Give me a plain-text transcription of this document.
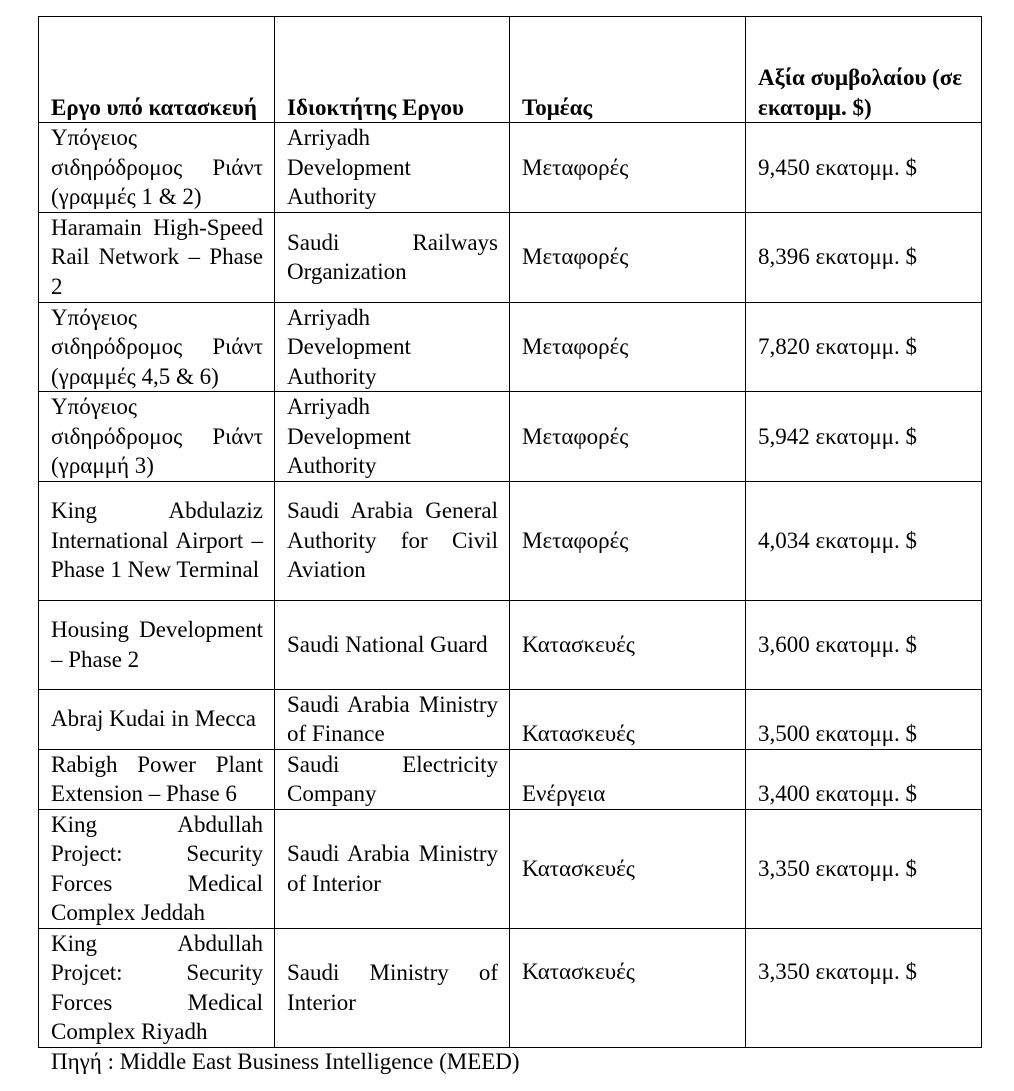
Εργο υπό κατασκευή	Ιδιοκτήτης Εργου	Τομέας	Αξία συμβολαίου (σε εκατομμ. $)
Υπόγειος σιδηρόδρομος Ριάντ (γραμμές 1 & 2)	Arriyadh Development Authority	Μεταφορές	9,450 εκατομμ. $
Haramain High-Speed Rail Network – Phase 2	Saudi Railways Organization	Μεταφορές	8,396 εκατομμ. $
Υπόγειος σιδηρόδρομος Ριάντ (γραμμές 4,5 & 6)	Arriyadh Development Authority	Μεταφορές	7,820 εκατομμ. $
Υπόγειος σιδηρόδρομος Ριάντ (γραμμή 3)	Arriyadh Development Authority	Μεταφορές	5,942 εκατομμ. $
King Abdulaziz International Airport – Phase 1 New Terminal	Saudi Arabia General Authority for Civil Aviation	Μεταφορές	4,034 εκατομμ. $
Housing Development – Phase 2	Saudi National Guard	Κατασκευές	3,600 εκατομμ. $
Abraj Kudai in Mecca	Saudi Arabia Ministry of Finance	Κατασκευές	3,500 εκατομμ. $
Rabigh Power Plant Extension – Phase 6	Saudi Electricity Company	Ενέργεια	3,400 εκατομμ. $
King Abdullah Project: Security Forces Medical Complex Jeddah	Saudi Arabia Ministry of Interior	Κατασκευές	3,350 εκατομμ. $
King Abdullah Projcet: Security Forces Medical Complex Riyadh	Saudi Ministry of Interior	Κατασκευές	3,350 εκατομμ. $

Πηγή : Middle East Business Intelligence (MEED)
